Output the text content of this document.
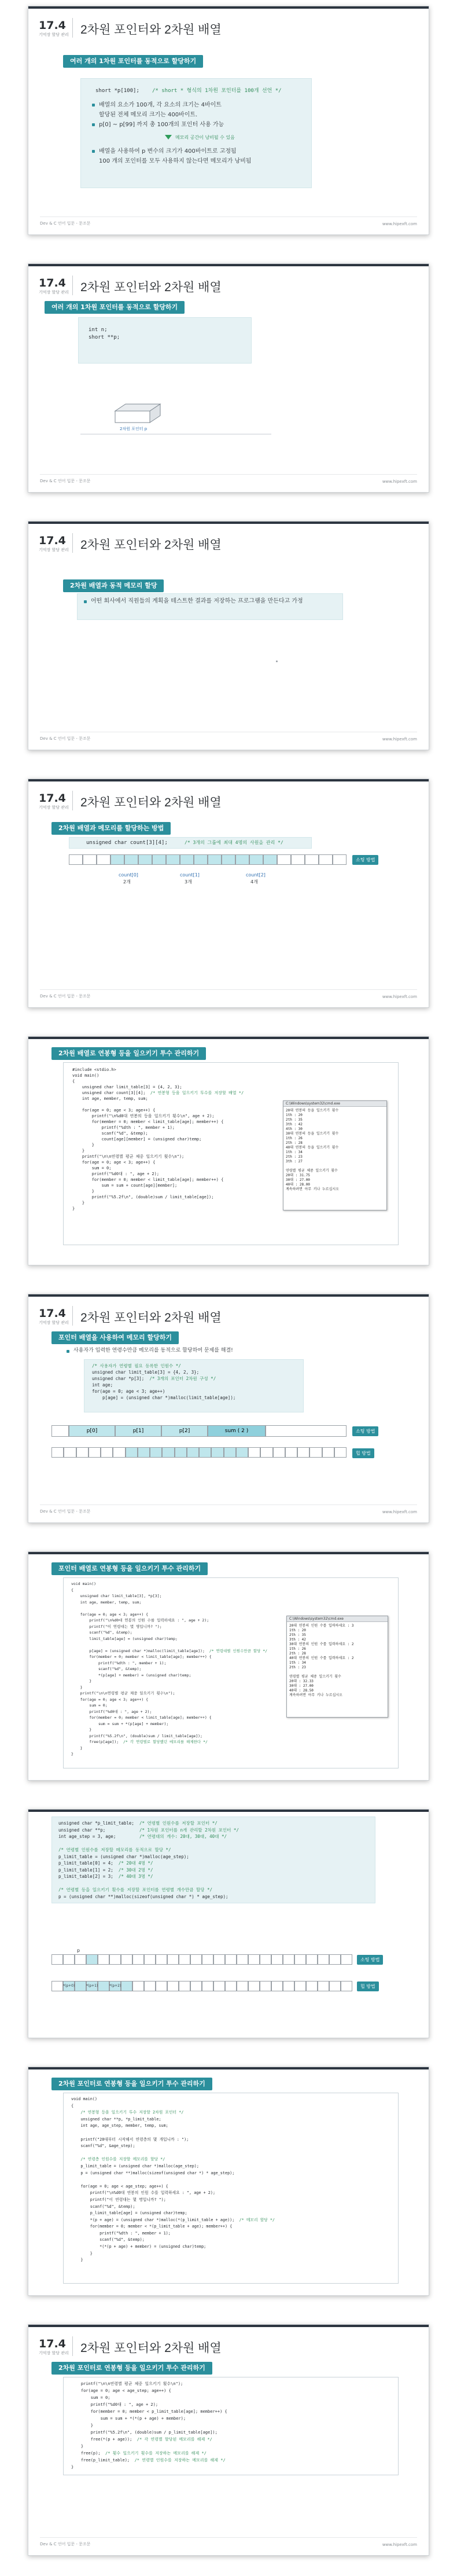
17.4
기억장 할당 관리 2차원 포인터와 2차원 배열
여러 개의 1차원 포인터를 동적으로 할당하기
short *p[100]; /* short * 형식의 1차원 포인터를 100개 선언 */
배열의 요소가 100개, 각 요소의 크기는 4바이트
할당된 전체 메모리 크기는 400바이트.
p[0] ~ p[99] 까지 총 100개의 포인터 사용 가능
메모리 공간이 낭비될 수 있음
배열을 사용하여 p 변수의 크기가 400바이트로 고정됨
100 개의 포인터를 모두 사용하지 않는다면 메모리가 낭비됨
Dev & C 언어 입문 - 문조문	www.hipexft.com
17.4
기억장 할당 관리 2차원 포인터와 2차원 배열
여러 개의 1차원 포인터를 동적으로 할당하기
int n;
short **p;
2차원 포인터 p
Dev & C 언어 입문 - 문조문	www.hipexft.com
17.4
기억장 할당 관리 2차원 포인터와 2차원 배열
2차원 배열과 동적 메모리 할당
어떤 회사에서 직원들의 계획을 테스트한 결과를 저장하는 프로그램을 만든다고 가정
Dev & C 언어 입문 - 문조문	www.hipexft.com
17.4
기억장 할당 관리 2차원 포인터와 2차원 배열
2차원 배열과 메모리를 할당하는 방법
unsigned char count[3][4];	/* 3개의 그룹에 최대 4명의 사원을 관리 */
소팅 방법
count[0]	count[1]	count[2]
2개	3개	4개
Dev & C 언어 입문 - 문조문	www.hipexft.com
2차원 배열로 연봉형 등을 일으키기 투수 관리하기
#include <stdio.h>
void main()
{
unsigned char limit_table[3] = {4, 2, 3};
unsigned char count[3][4];  /* 연봉형 등을 일으키기 투수를 저장할 배열 */
int age, member, temp, sum;

for(age = 0; age < 3; age++) {
printf("\n%d0대 연봉의 등을 일으키기 횟수\n", age + 2);
for(member = 0; member < limit_table[age]; member++) {
printf("%dth : ", member + 1);
scanf("%d", &temp);
count[age][member] = (unsigned char)temp;
}
}
printf("\n\n연령별 평균 체중 일으키기 횟수\n");
for(age = 0; age < 3; age++) {
sum = 0;
printf("%d0대 : ", age + 2);
for(member = 0; member < limit_table[age]; member++) {
sum = sum + count[age][member];
}
printf("%5.2f\n", (double)sum / limit_table[age]);
}
}
C:\Windows\system32\cmd.exe
20대 연봉의 등을 일으키기 횟수
1th : 20
2th : 35
3th : 42
4th : 30
30대 연봉의 등을 일으키기 횟수
1th : 26
2th : 28
40대 연봉의 등을 일으키기 횟수
1th : 34
2th : 23
3th : 27

연령별 평균 체중 일으키기 횟수
20대 : 31.75
30대 : 27.00
40대 : 28.00
계속하려면 아무 키나 누르십시오
17.4
기억장 할당 관리 2차원 포인터와 2차원 배열
포인터 배열을 사용하여 메모리 할당하기
사용자가 입력한 연령수만큼 메모리를 동적으로 할당하여 문제를 해결!
/* 사용자가 연령별 필요 등록한 인원수 */
unsigned char limit_table[3] = {4, 2, 3};
unsigned char *p[3];  /* 3개의 포인터 2차원 구성 */
int age;
for(age = 0; age < 3; age++)
p[age] = (unsigned char *)malloc(limit_table[age]);
p[0]	p[1]	p[2]	sum ( 2 )	소팅 방법
힙 방법
Dev & C 언어 입문 - 문조문	www.hipexft.com
포인터 배열로 연봉형 등을 일으키기 투수 관리하기
void main()
{
unsigned char limit_table[3], *p[3];
int age, member, temp, sum;

for(age = 0; age < 3; age++) {
printf("\n%d0대 연봉의 인원 수를 입력하세요 : ", age + 2);
printf("이 연령대는 몇 명입니까? ");
scanf("%d", &temp);
limit_table[age] = (unsigned char)temp;

p[age] = (unsigned char *)malloc(limit_table[age]);  /* 연령대별 인원수만큼 할당 */
for(member = 0; member < limit_table[age]; member++) {
printf("%dth : ", member + 1);
scanf("%d", &temp);
*(p[age] + member) = (unsigned char)temp;
}
}
printf("\n\n연령별 평균 체중 일으키기 횟수\n");
for(age = 0; age < 3; age++) {
sum = 0;
printf("%d0대 : ", age + 2);
for(member = 0; member < limit_table[age]; member++) {
sum = sum + *(p[age] + member);
}
printf("%5.2f\n", (double)sum / limit_table[age]);
free(p[age]);  /* 각 연령별로 할당했던 메모리를 해제한다 */
}
}
C:\Windows\system32\cmd.exe
20대 연봉의 인원 수를 입력하세요 : 3
1th : 20
2th : 35
3th : 42
30대 연봉의 인원 수를 입력하세요 : 2
1th : 26
2th : 28
40대 연봉의 인원 수를 입력하세요 : 2
1th : 34
2th : 23

연령별 평균 체중 일으키기 횟수
20대 : 32.33
30대 : 27.00
40대 : 28.50
계속하려면 아무 키나 누르십시오
unsigned char *p_limit_table;  /* 연령별 인원수를 저장할 포인터 */
unsigned char **p;             /* 1차원 포인터를 n개 관리할 2차원 포인터 */
int age_step = 3, age;         /* 연령대의 개수: 20대, 30대, 40대 */

/* 연령별 인원수를 저장할 메모리를 동적으로 할당 */
p_limit_table = (unsigned char *)malloc(age_step);
p_limit_table[0] = 4;  /* 20대 4명 */
p_limit_table[1] = 2;  /* 30대 2명 */
p_limit_table[2] = 3;  /* 40대 3명 */

/* 연령별 등을 일으키기 횟수를 저장할 포인터를 연령별 개수만큼 할당 */
p = (unsigned char **)malloc(sizeof(unsigned char *) * age_step);
p
소팅 방법
*(p+0)	*(p+1)	*(p+2)	힙 방법
2차원 포인터로 연봉형 등을 일으키기 투수 관리하기
void main()
{
/* 연봉형 등을 일으키기 투수 저장할 2차원 포인터 */
unsigned char **p, *p_limit_table;
int age, age_step, member, temp, sum;

printf("20대부터 시작해서 연령층의 몇 개입니까 : ");
scanf("%d", &age_step);

/* 연령층 인원수를 저장할 메모리를 할당 */
p_limit_table = (unsigned char *)malloc(age_step);
p = (unsigned char **)malloc(sizeof(unsigned char *) * age_step);

for(age = 0; age < age_step; age++) {
printf("\n%d0대 연봉의 인원 수를 입력하세요 : ", age + 2);
printf("이 연령대는 몇 명입니까? ");
scanf("%d", &temp);
p_limit_table[age] = (unsigned char)temp;
*(p + age) = (unsigned char *)malloc(*(p_limit_table + age));  /* 메모리 할당 */
for(member = 0; member < *(p_limit_table + age); member++) {
printf("%dth : ", member + 1);
scanf("%d", &temp);
*(*(p + age) + member) = (unsigned char)temp;
}
}
17.4
기억장 할당 관리 2차원 포인터와 2차원 배열
2차원 포인터로 연봉형 등을 일으키기 투수 관리하기
printf("\n\n연령별 평균 체중 일으키기 횟수\n");
for(age = 0; age < age_step; age++) {
sum = 0;
printf("%d0대 : ", age + 2);
for(member = 0; member < p_limit_table[age]; member++) {
sum = sum + *(*(p + age) + member);
}
printf("%5.2f\n", (double)sum / p_limit_table[age]);
free(*(p + age));  /* 각 연령별 할당된 메모리를 해제 */
}
free(p);  /* 횟수 일으키기 횟수를 저장하는 메모리를 해제 */
free(p_limit_table);  /* 연령별 인원수를 저장하는 메모리를 해제 */
}
Dev & C 언어 입문 - 문조문	www.hipexft.com
